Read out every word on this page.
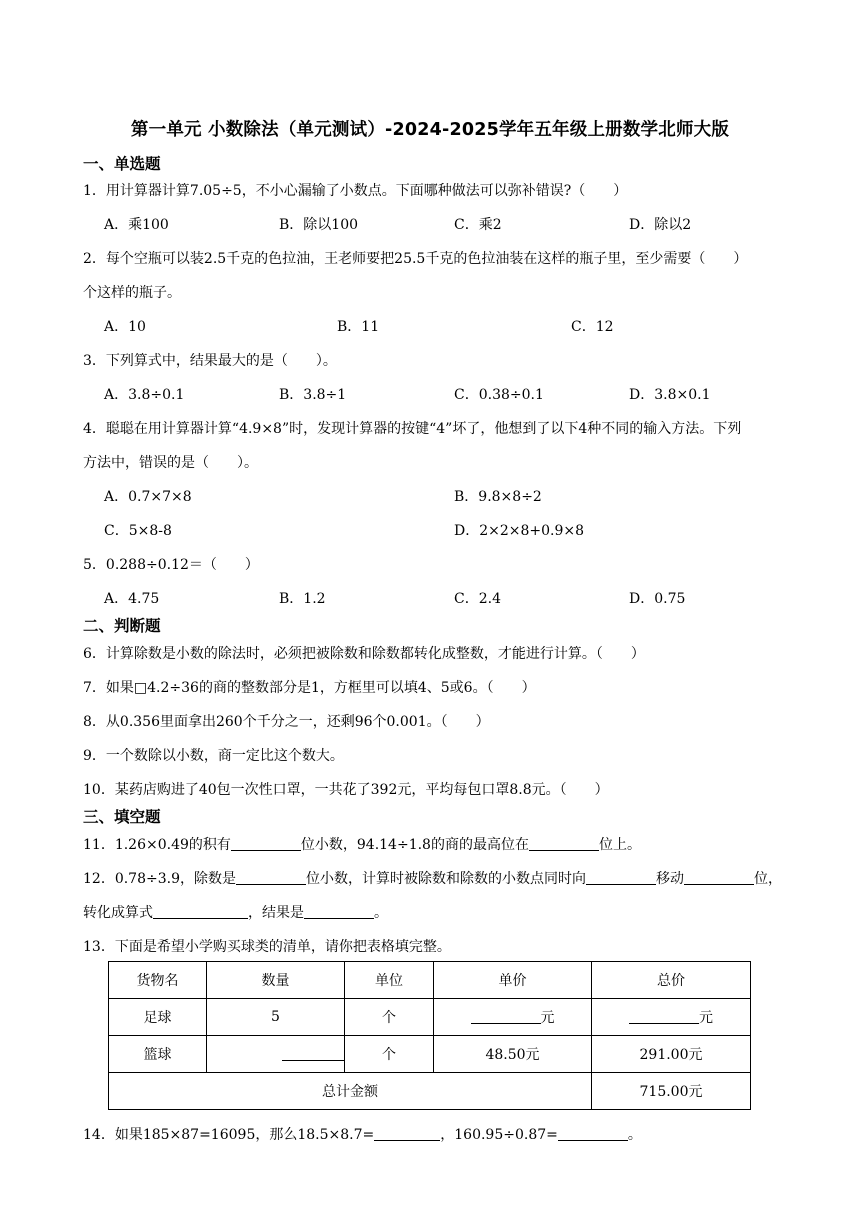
第一单元 小数除法（单元测试）-2024-2025学年五年级上册数学北师大版
一、单选题
1．用计算器计算7.05÷5，不小心漏输了小数点。下面哪种做法可以弥补错误?（　　）
A．乘100	B．除以100	C．乘2	D．除以2
2．每个空瓶可以装2.5千克的色拉油，王老师要把25.5千克的色拉油装在这样的瓶子里，至少需要（　　）
个这样的瓶子。
A．10	B．11	C．12
3．下列算式中，结果最大的是（　　）。
A．3.8÷0.1	B．3.8÷1	C．0.38÷0.1	D．3.8×0.1
4．聪聪在用计算器计算“4.9×8”时，发现计算器的按键“4”坏了，他想到了以下4种不同的输入方法。下列
方法中，错误的是（　　）。
A．0.7×7×8	B．9.8×8÷2
C．5×8-8	D．2×2×8+0.9×8
5．0.288÷0.12＝（　　）
A．4.75	B．1.2	C．2.4	D．0.75
二、判断题
6．计算除数是小数的除法时，必须把被除数和除数都转化成整数，才能进行计算。（　　）
7．如果□4.2÷36的商的整数部分是1，方框里可以填4、5或6。（　　）
8．从0.356里面拿出260个千分之一，还剩96个0.001。（　　）
9．一个数除以小数，商一定比这个数大。
10．某药店购进了40包一次性口罩，一共花了392元，平均每包口罩8.8元。（　　）
三、填空题
11．1.26×0.49的积有	位小数，94.14÷1.8的商的最高位在	位上。
12．0.78÷3.9，除数是	位小数，计算时被除数和除数的小数点同时向	移动	位，
转化成算式	，结果是	。
13．下面是希望小学购买球类的清单，请你把表格填完整。
货物名	数量	单位	单价	总价
足球	5	个	元	元
篮球		个	48.50元	291.00元
总计金额				715.00元
14．如果185×87=16095，那么18.5×8.7=	，160.95÷0.87=	。
